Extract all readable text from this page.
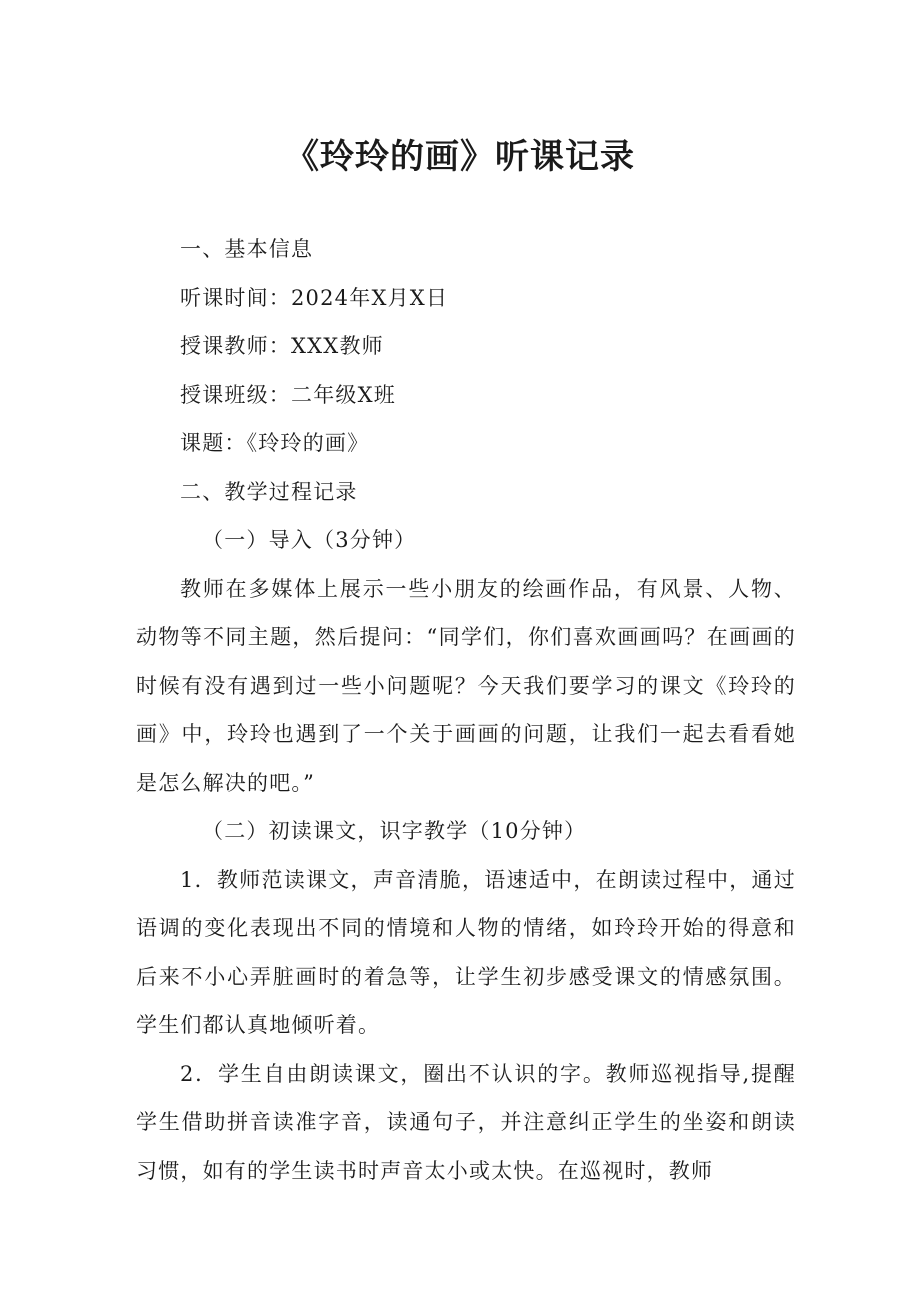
《玲玲的画》听课记录

一、基本信息

听课时间：2024年X月X日

授课教师：XXX教师

授课班级：二年级X班

课题：《玲玲的画》

二、教学过程记录

（一）导入（3分钟）

教师在多媒体上展示一些小朋友的绘画作品，有风景、人物、动物等不同主题，然后提问：“同学们，你们喜欢画画吗？在画画的时候有没有遇到过一些小问题呢？今天我们要学习的课文《玲玲的画》中，玲玲也遇到了一个关于画画的问题，让我们一起去看看她是怎么解决的吧。”

（二）初读课文，识字教学（10分钟）

1．教师范读课文，声音清脆，语速适中，在朗读过程中，通过语调的变化表现出不同的情境和人物的情绪，如玲玲开始的得意和后来不小心弄脏画时的着急等，让学生初步感受课文的情感氛围。学生们都认真地倾听着。

2．学生自由朗读课文，圈出不认识的字。教师巡视指导,提醒学生借助拼音读准字音，读通句子，并注意纠正学生的坐姿和朗读习惯，如有的学生读书时声音太小或太快。在巡视时，教师
